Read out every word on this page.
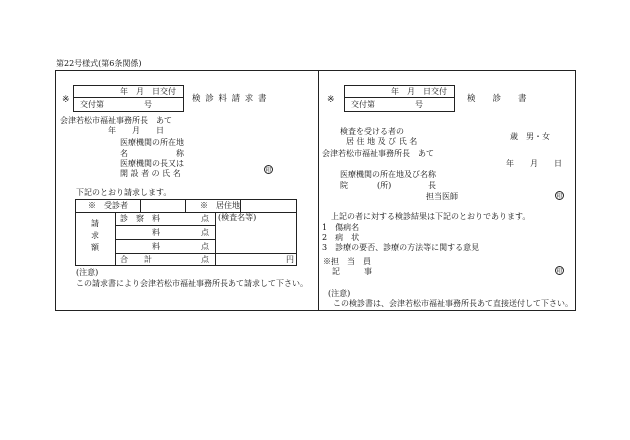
第22号様式(第6条関係)
※
年　月　日交付
交付第　　　　　号
検 診 料 請 求 書
会津若松市福祉事務所長　あて
年　　月　　日
医療機関の所在地
名	称
医療機関の長又は
開 設 者 の 氏 名	印
下記のとおり請求します。
※　受診者	※　居住地
請
求
額
診　察　料	点
料	点
料	点
合　　計	点	円
(検査名等)
(注意)
この請求書により会津若松市福祉事務所長あて請求して下さい。
※
年　月　日交付
交付第　　　　　号
検　　診　　書
検査を受ける者の
居 住 地 及 び 氏 名
歳　男・女
会津若松市福祉事務所長　あて
年　　月　　日
医療機関の所在地及び名称
院	(所)	長
担当医師	印
上記の者に対する検診結果は下記のとおりであります。
1　傷病名
2　病　状
3　診療の要否、診療の方法等に関する意見
※担　当　員
記　　　事	印
(注意)
この検診書は、会津若松市福祉事務所長あて直接送付して下さい。
